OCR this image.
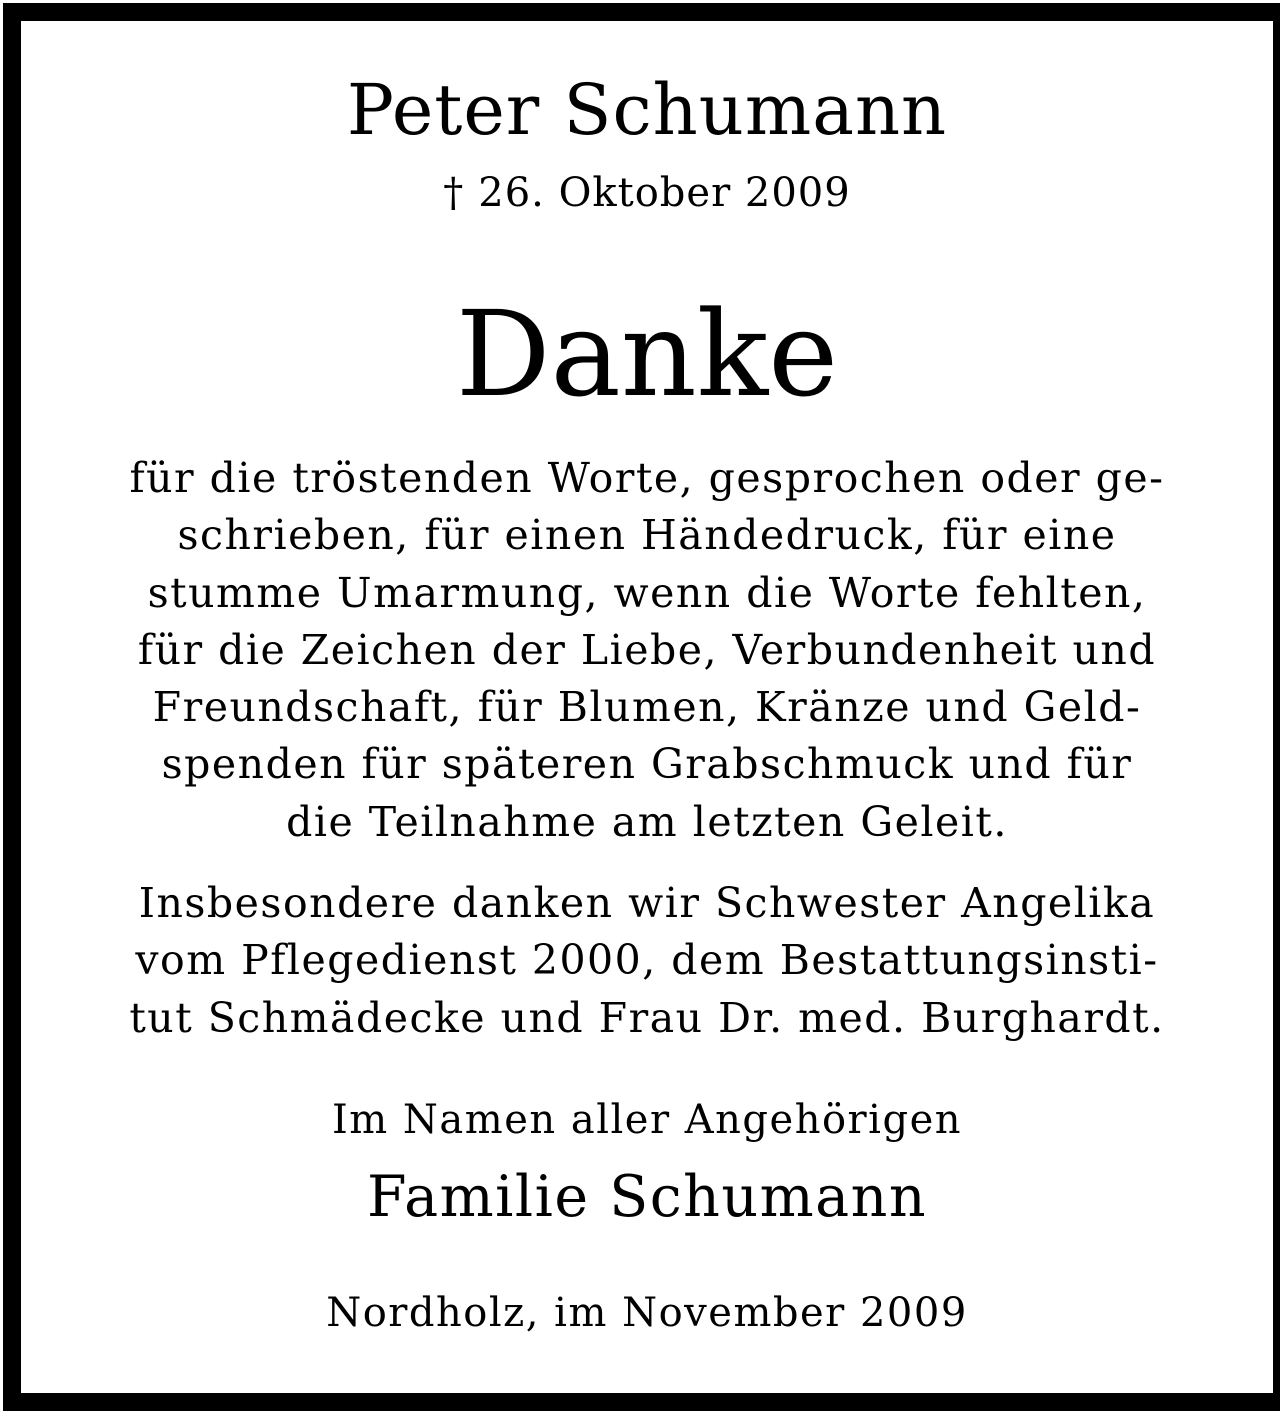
Peter Schumann
† 26. Oktober 2009
Danke
für die tröstenden Worte, gesprochen oder ge-
schrieben, für einen Händedruck, für eine
stumme Umarmung, wenn die Worte fehlten,
für die Zeichen der Liebe, Verbundenheit und
Freundschaft, für Blumen, Kränze und Geld-
spenden für späteren Grabschmuck und für
die Teilnahme am letzten Geleit.
Insbesondere danken wir Schwester Angelika
vom Pflegedienst 2000, dem Bestattungsinsti-
tut Schmädecke und Frau Dr. med. Burghardt.
Im Namen aller Angehörigen
Familie Schumann
Nordholz, im November 2009
